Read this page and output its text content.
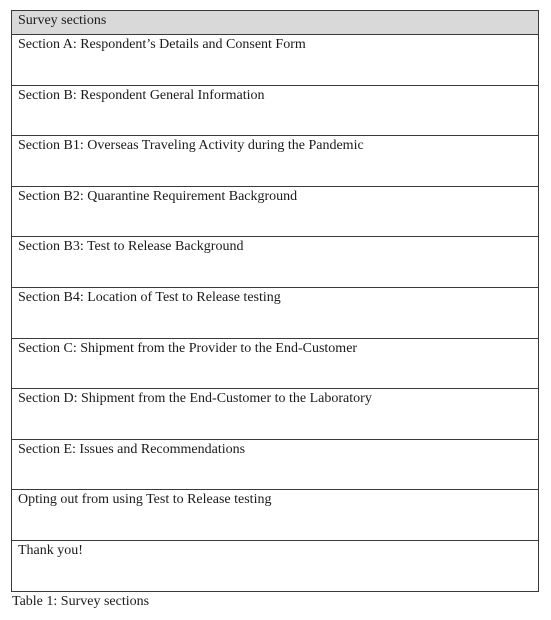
Survey sections
Section A: Respondent’s Details and Consent Form
Section B: Respondent General Information
Section B1: Overseas Traveling Activity during the Pandemic
Section B2: Quarantine Requirement Background
Section B3: Test to Release Background
Section B4: Location of Test to Release testing
Section C: Shipment from the Provider to the End-Customer
Section D: Shipment from the End-Customer to the Laboratory
Section E: Issues and Recommendations
Opting out from using Test to Release testing
Thank you!
Table 1: Survey sections
